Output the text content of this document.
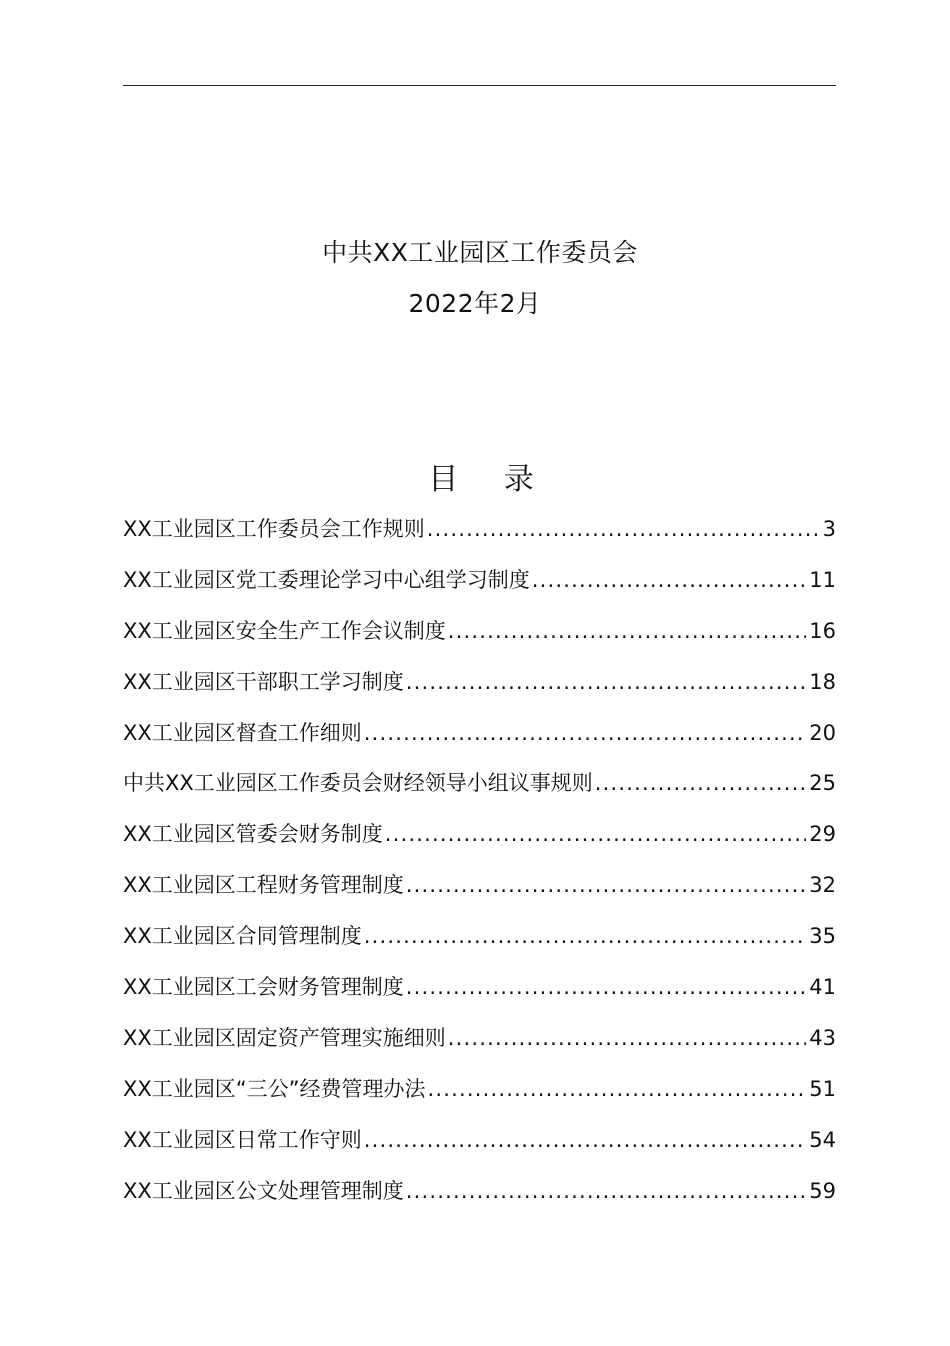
中共XX工业园区工作委员会
2022年2月
目 录
XX工业园区工作委员会工作规则 .....	3
XX工业园区党工委理论学习中心组学习制度 .....	11
XX工业园区安全生产工作会议制度 .....	16
XX工业园区干部职工学习制度 .....	18
XX工业园区督查工作细则 .....	20
中共XX工业园区工作委员会财经领导小组议事规则 .....	25
XX工业园区管委会财务制度 .....	29
XX工业园区工程财务管理制度 .....	32
XX工业园区合同管理制度 .....	35
XX工业园区工会财务管理制度 .....	41
XX工业园区固定资产管理实施细则 .....	43
XX工业园区“三公”经费管理办法 .....	51
XX工业园区日常工作守则 .....	54
XX工业园区公文处理管理制度 .....	59
